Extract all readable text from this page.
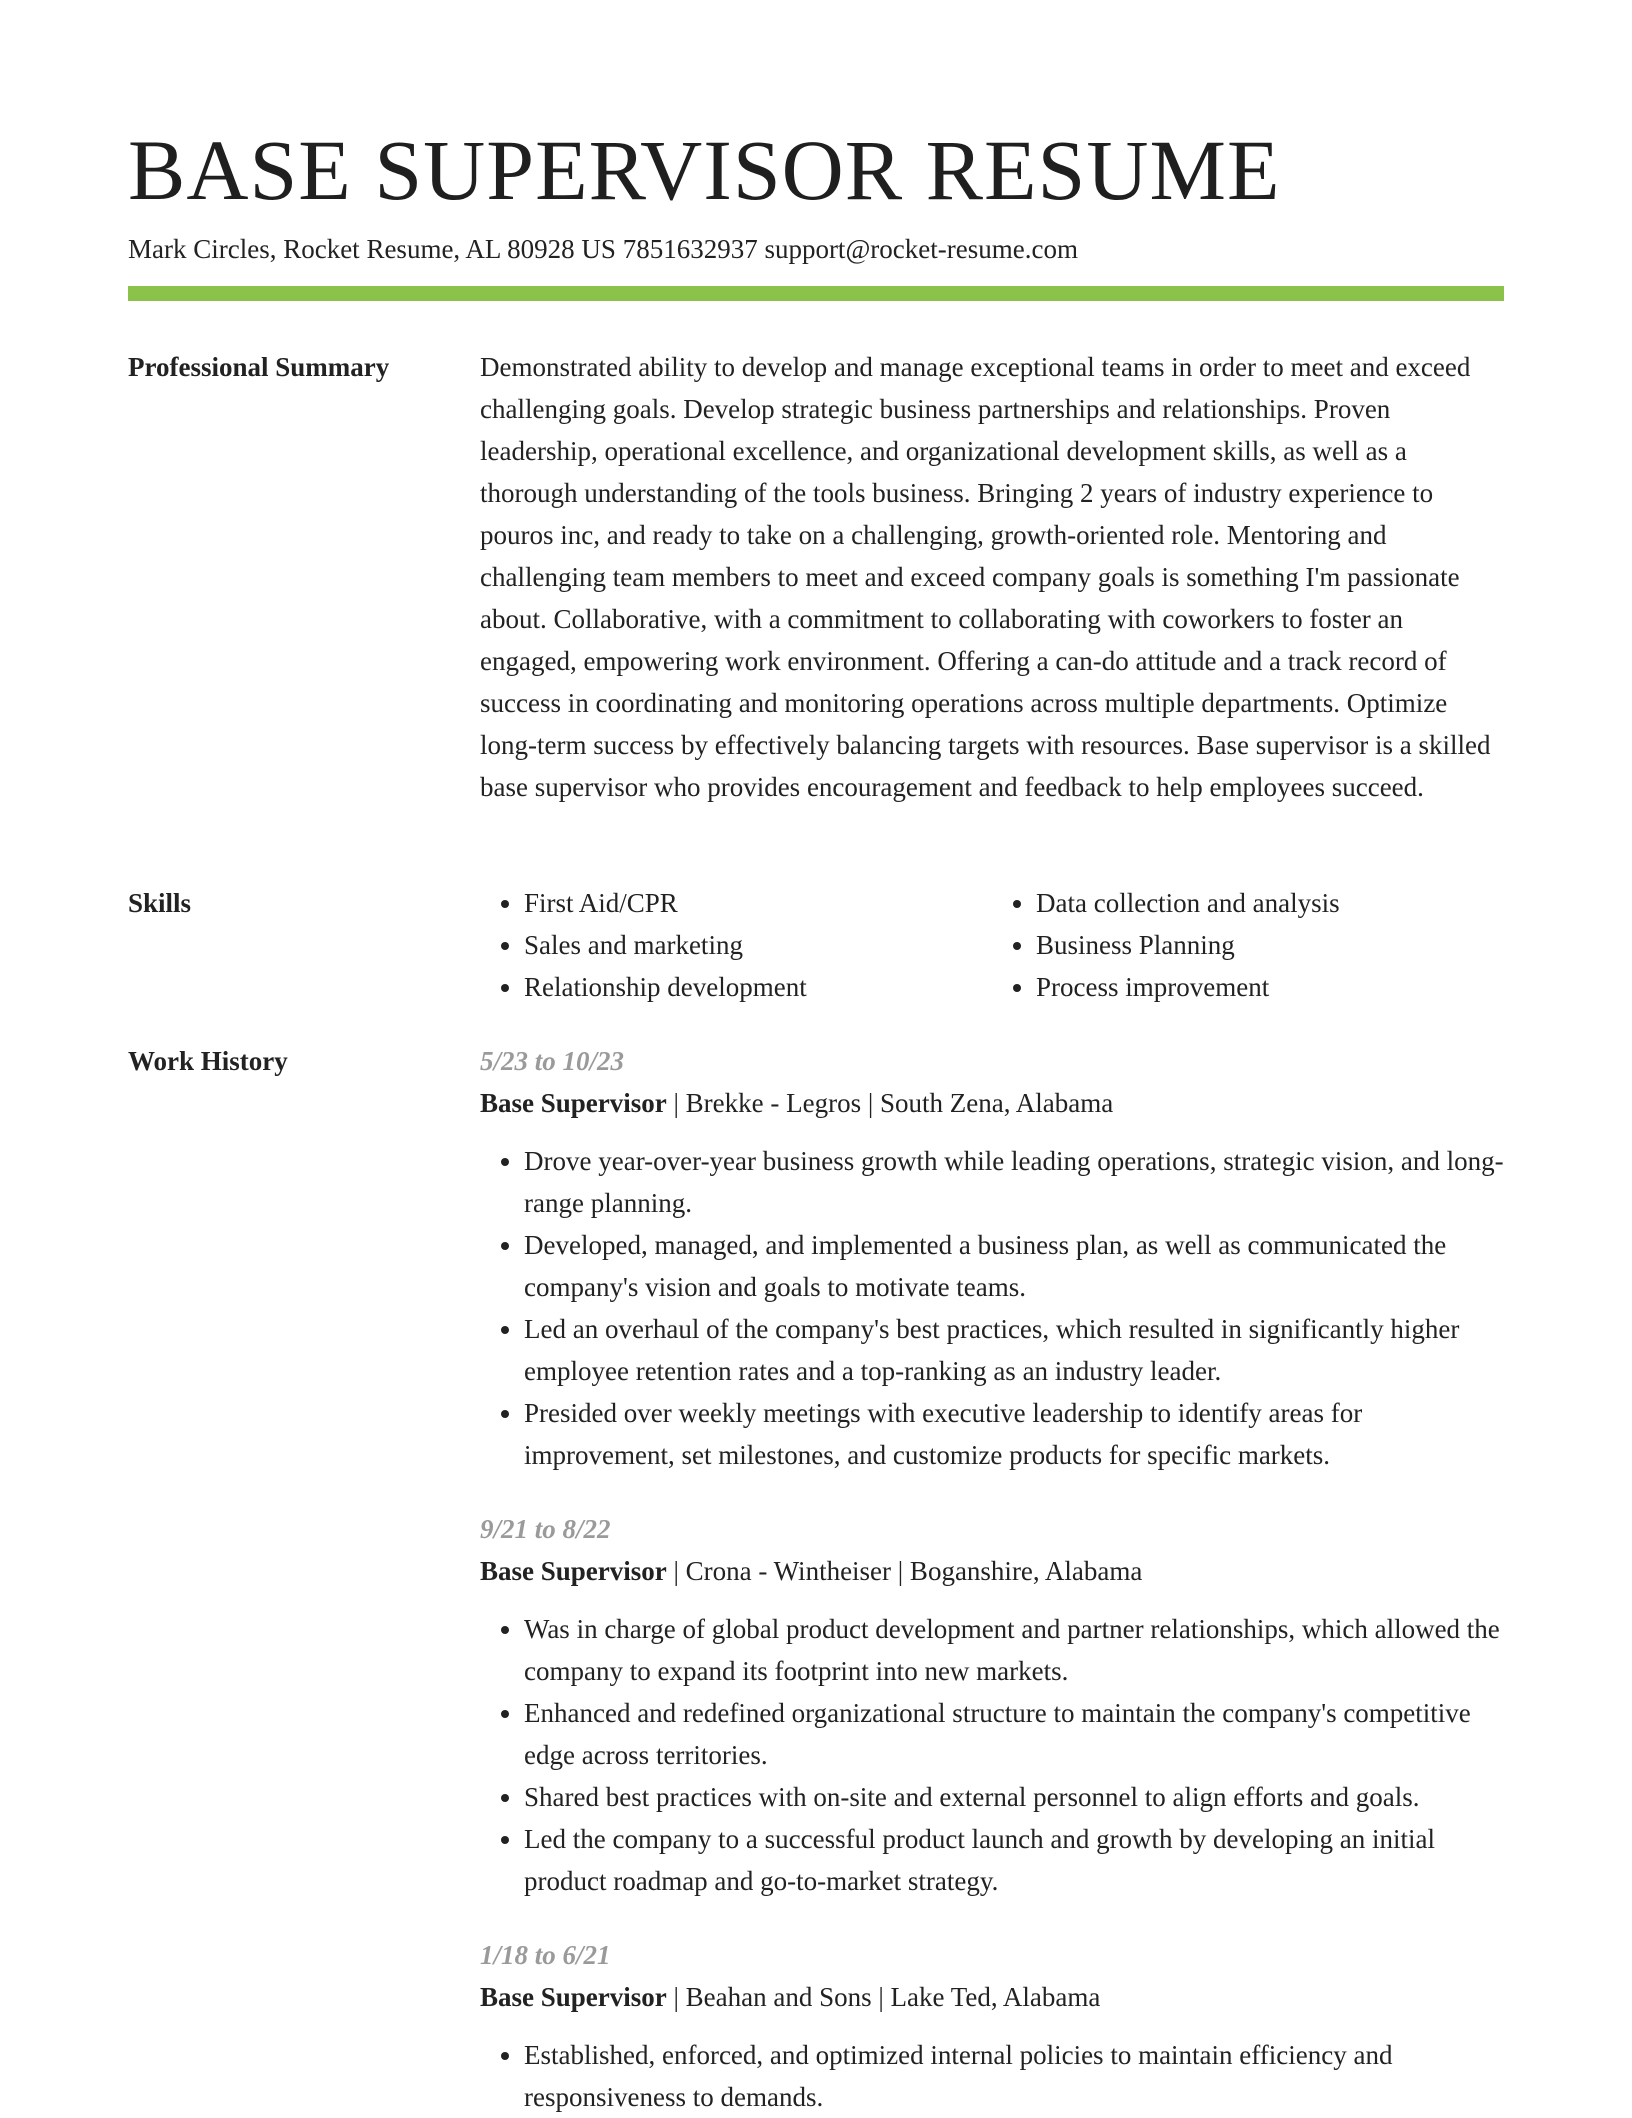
BASE SUPERVISOR RESUME
Mark Circles, Rocket Resume, AL 80928 US 7851632937 support@rocket-resume.com
Professional Summary	Demonstrated ability to develop and manage exceptional teams in order to meet and exceed challenging goals. Develop strategic business partnerships and relationships. Proven leadership, operational excellence, and organizational development skills, as well as a thorough understanding of the tools business. Bringing 2 years of industry experience to pouros inc, and ready to take on a challenging, growth-oriented role. Mentoring and challenging team members to meet and exceed company goals is something I'm passionate about. Collaborative, with a commitment to collaborating with coworkers to foster an engaged, empowering work environment. Offering a can-do attitude and a track record of success in coordinating and monitoring operations across multiple departments. Optimize long-term success by effectively balancing targets with resources. Base supervisor is a skilled base supervisor who provides encouragement and feedback to help employees succeed.

Skills
•	First Aid/CPR
• Sales and marketing
• Relationship development
• Data collection and analysis
• Business Planning
• Process improvement
Work History	5/23 to 10/23
Base Supervisor | Brekke - Legros | South Zena, Alabama
• Drove year-over-year business growth while leading operations, strategic vision, and long-range planning.
• Developed, managed, and implemented a business plan, as well as communicated the company's vision and goals to motivate teams.
• Led an overhaul of the company's best practices, which resulted in significantly higher employee retention rates and a top-ranking as an industry leader.
• Presided over weekly meetings with executive leadership to identify areas for improvement, set milestones, and customize products for specific markets.
9/21 to 8/22
Base Supervisor | Crona - Wintheiser | Boganshire, Alabama
• Was in charge of global product development and partner relationships, which allowed the company to expand its footprint into new markets.
• Enhanced and redefined organizational structure to maintain the company's competitive edge across territories.
• Shared best practices with on-site and external personnel to align efforts and goals.
• Led the company to a successful product launch and growth by developing an initial product roadmap and go-to-market strategy.
1/18 to 6/21
Base Supervisor | Beahan and Sons | Lake Ted, Alabama
• Established, enforced, and optimized internal policies to maintain efficiency and responsiveness to demands.
